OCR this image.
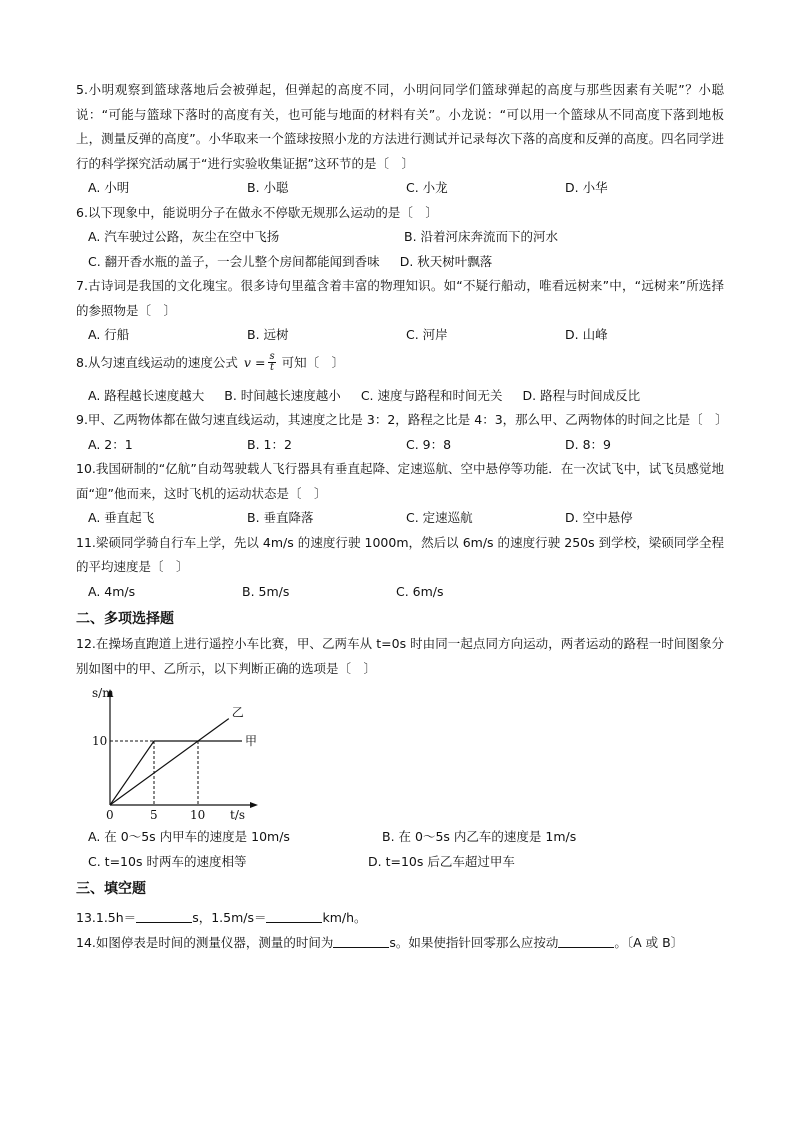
5.小明观察到篮球落地后会被弹起，但弹起的高度不同，小明问同学们篮球弹起的高度与那些因素有关呢”？小聪说：“可能与篮球下落时的高度有关，也可能与地面的材料有关”。小龙说：“可以用一个篮球从不同高度下落到地板上，测量反弹的高度”。小华取来一个篮球按照小龙的方法进行测试并记录每次下落的高度和反弹的高度。四名同学进行的科学探究活动属于“进行实验收集证据”这环节的是〔　〕
A. 小明	B. 小聪	C. 小龙	D. 小华
6.以下现象中，能说明分子在做永不停歇无规那么运动的是〔　〕
A. 汽车驶过公路，灰尘在空中飞扬	B. 沿着河床奔流而下的河水
C. 翻开香水瓶的盖子，一会儿整个房间都能闻到香味 D. 秋天树叶飘落
7.古诗词是我国的文化瑰宝。很多诗句里蕴含着丰富的物理知识。如“不疑行船动，唯看远树来”中，“远树来”所选择的参照物是〔　〕
A. 行船	B. 远树	C. 河岸	D. 山峰
8.从匀速直线运动的速度公式 $v = \frac{s}{t}$ 可知〔　〕
A. 路程越长速度越大 B. 时间越长速度越小 C. 速度与路程和时间无关 D. 路程与时间成反比
9.甲、乙两物体都在做匀速直线运动，其速度之比是 3：2，路程之比是 4：3，那么甲、乙两物体的时间之比是〔　〕
A. 2：1	B. 1：2	C. 9：8	D. 8：9
10.我国研制的“亿航”自动驾驶载人飞行器具有垂直起降、定速巡航、空中悬停等功能．在一次试飞中，试飞员感觉地面“迎”他而来，这时飞机的运动状态是〔　〕
A. 垂直起飞	B. 垂直降落	C. 定速巡航	D. 空中悬停
11.梁硕同学骑自行车上学，先以 4m/s 的速度行驶 1000m，然后以 6m/s 的速度行驶 250s 到学校，梁硕同学全程的平均速度是〔　〕
A. 4m/s	B. 5m/s	C. 6m/s
二、多项选择题
12.在操场直跑道上进行遥控小车比赛，甲、乙两车从 t=0s 时由同一起点同方向运动，两者运动的路程一时间图象分别如图中的甲、乙所示，以下判断正确的选项是〔　〕
s/m
t/s
甲
乙
0	5	10
10
A. 在 0～5s 内甲车的速度是 10m/s	B. 在 0～5s 内乙车的速度是 1m/s
C. t=10s 时两车的速度相等	D. t=10s 后乙车超过甲车
三、填空题
13.1.5h＝	s，1.5m/s＝	km/h。
14.如图停表是时间的测量仪器，测量的时间为	s。如果使指针回零那么应按动	。〔A 或 B〕
